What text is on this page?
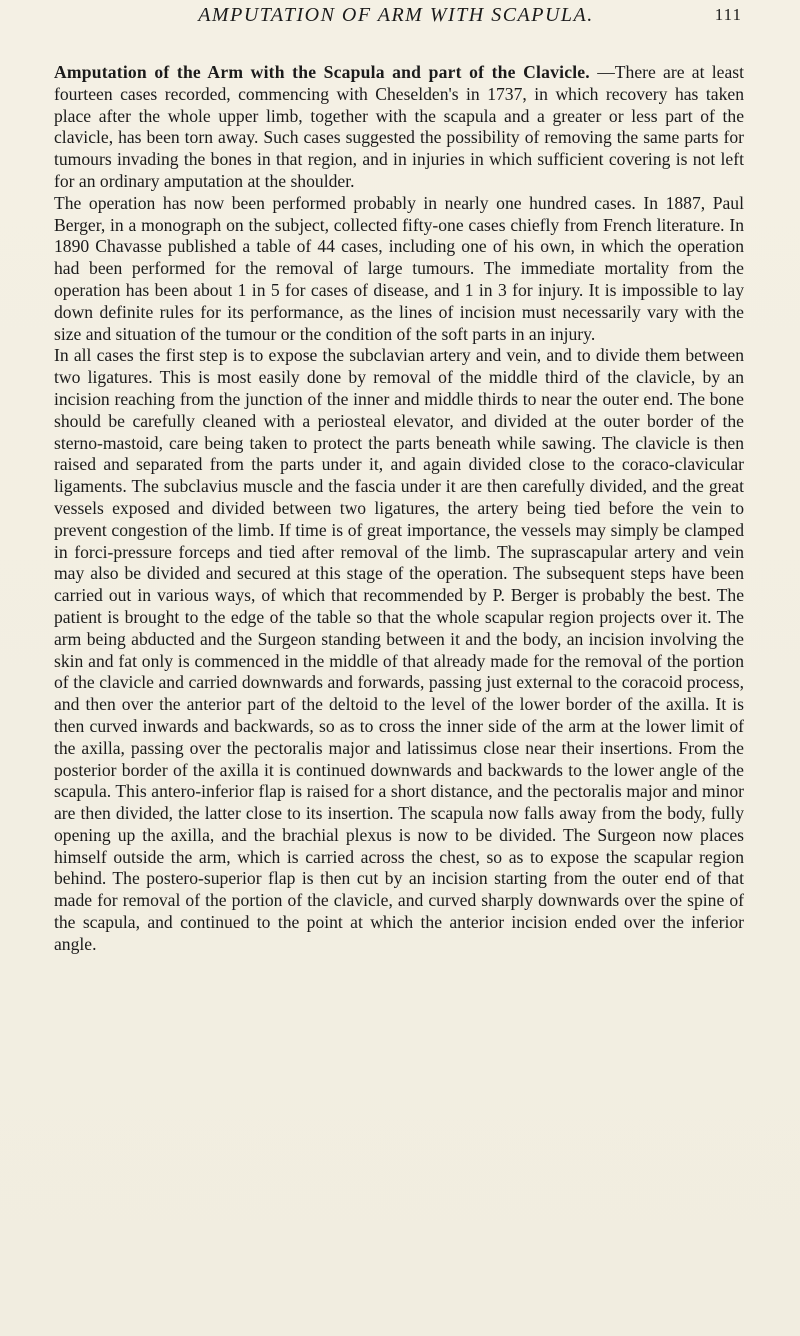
AMPUTATION OF ARM WITH SCAPULA.	111

Amputation of the Arm with the Scapula and part of the Clavicle. —There are at least fourteen cases recorded, commencing with Cheselden's in 1737, in which recovery has taken place after the whole upper limb, together with the scapula and a greater or less part of the clavicle, has been torn away. Such cases suggested the possibility of removing the same parts for tumours invading the bones in that region, and in injuries in which sufficient covering is not left for an ordinary amputation at the shoulder.

The operation has now been performed probably in nearly one hundred cases. In 1887, Paul Berger, in a monograph on the subject, collected fifty-one cases chiefly from French literature. In 1890 Chavasse published a table of 44 cases, including one of his own, in which the operation had been performed for the removal of large tumours. The immediate mortality from the operation has been about 1 in 5 for cases of disease, and 1 in 3 for injury. It is impossible to lay down definite rules for its performance, as the lines of incision must necessarily vary with the size and situation of the tumour or the condition of the soft parts in an injury.

In all cases the first step is to expose the subclavian artery and vein, and to divide them between two ligatures. This is most easily done by removal of the middle third of the clavicle, by an incision reaching from the junction of the inner and middle thirds to near the outer end. The bone should be carefully cleaned with a periosteal elevator, and divided at the outer border of the sterno-mastoid, care being taken to protect the parts beneath while sawing. The clavicle is then raised and separated from the parts under it, and again divided close to the coraco-clavicular ligaments. The subclavius muscle and the fascia under it are then carefully divided, and the great vessels exposed and divided between two ligatures, the artery being tied before the vein to prevent congestion of the limb. If time is of great importance, the vessels may simply be clamped in forci-pressure forceps and tied after removal of the limb. The suprascapular artery and vein may also be divided and secured at this stage of the operation. The subsequent steps have been carried out in various ways, of which that recommended by P. Berger is probably the best. The patient is brought to the edge of the table so that the whole scapular region projects over it. The arm being abducted and the Surgeon standing between it and the body, an incision involving the skin and fat only is commenced in the middle of that already made for the removal of the portion of the clavicle and carried downwards and forwards, passing just external to the coracoid process, and then over the anterior part of the deltoid to the level of the lower border of the axilla. It is then curved inwards and backwards, so as to cross the inner side of the arm at the lower limit of the axilla, passing over the pectoralis major and latissimus close near their insertions. From the posterior border of the axilla it is continued downwards and backwards to the lower angle of the scapula. This antero-inferior flap is raised for a short distance, and the pectoralis major and minor are then divided, the latter close to its insertion. The scapula now falls away from the body, fully opening up the axilla, and the brachial plexus is now to be divided. The Surgeon now places himself outside the arm, which is carried across the chest, so as to expose the scapular region behind. The postero-superior flap is then cut by an incision starting from the outer end of that made for removal of the portion of the clavicle, and curved sharply downwards over the spine of the scapula, and continued to the point at which the anterior incision ended over the inferior angle.
